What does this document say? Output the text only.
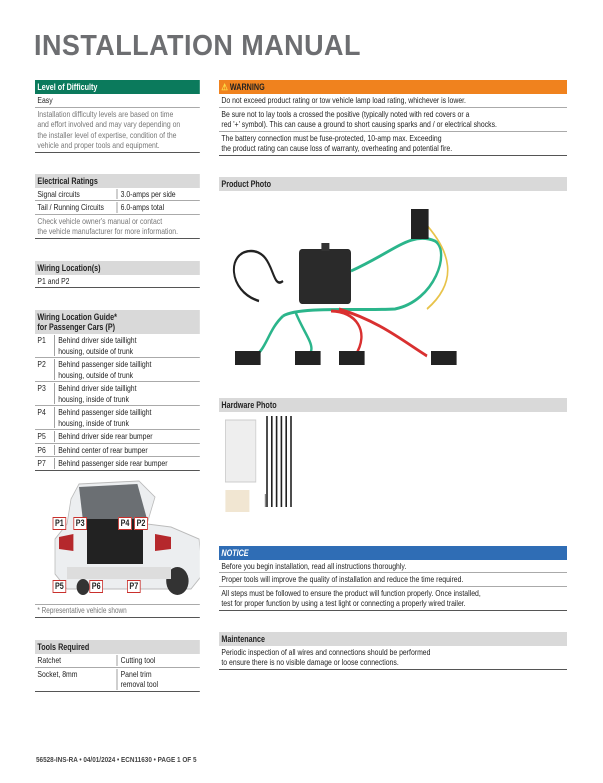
INSTALLATION MANUAL
Level of Difficulty
Easy
Installation difficulty levels are based on time
and effort involved and may vary depending on
the installer level of expertise, condition of the
vehicle and proper tools and equipment.
Electrical Ratings
Signal circuits	3.0-amps per side
Tail / Running Circuits	6.0-amps total
Check vehicle owner's manual or contact
the vehicle manufacturer for more information.
Wiring Location(s)
P1 and P2
Wiring Location Guide*
for Passenger Cars (P)
P1	Behind driver side taillight
housing, outside of trunk
P2	Behind passenger side taillight
housing, outside of trunk
P3	Behind driver side taillight
housing, inside of trunk
P4	Behind passenger side taillight
housing, inside of trunk
P5	Behind driver side rear bumper
P6	Behind center of rear bumper
P7	Behind passenger side rear bumper
P1 P3	P4 P2
P5	P6	P7
* Representative vehicle shown
Tools Required
Ratchet	Cutting tool
Socket, 8mm	Panel trim
removal tool
⚠ WARNING
Do not exceed product rating or tow vehicle lamp load rating, whichever is lower.
Be sure not to lay tools a crossed the positive (typically noted with red covers or a
red '+' symbol). This can cause a ground to short causing sparks and / or electrical shocks.
The battery connection must be fuse-protected, 10-amp max. Exceeding
the product rating can cause loss of warranty, overheating and potential fire.
Product Photo
Hardware Photo
NOTICE
Before you begin installation, read all instructions thoroughly.
Proper tools will improve the quality of installation and reduce the time required.
All steps must be followed to ensure the product will function properly. Once installed,
test for proper function by using a test light or connecting a properly wired trailer.
Maintenance
Periodic inspection of all wires and connections should be performed
to ensure there is no visible damage or loose connections.
56528-INS-RA • 04/01/2024 • ECN11630 • PAGE 1 OF 5
